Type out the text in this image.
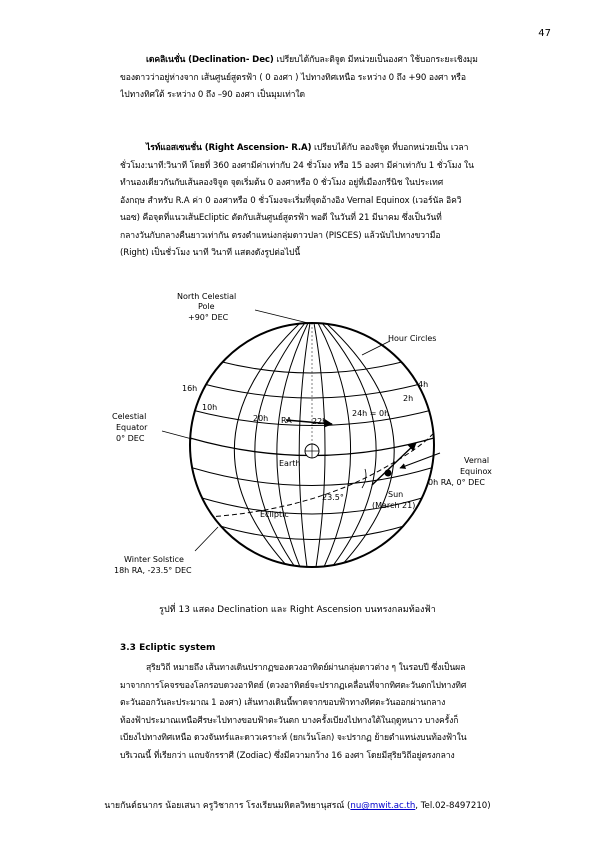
47
เดคลิเนชั่น (Declination- Dec) เปรียบได้กับละติจูด มีหน่วยเป็นองศา ใช้บอกระยะเชิงมุม
ของดาวว่าอยู่ห่างจาก เส้นศูนย์สูตรฟ้า ( 0 องศา ) ไปทางทิศเหนือ ระหว่าง 0 ถึง +90 องศา หรือ
ไปทางทิศใต้ ระหว่าง 0 ถึง –90 องศา เป็นมุมเท่าใด
ไรท์แอสเซนชั่น (Right Ascension- R.A) เปรียบได้กับ ลองจิจูด ที่บอกหน่วยเป็น เวลา
ชั่วโมง:นาที:วินาที โดยที่ 360 องศามีค่าเท่ากับ 24 ชั่วโมง หรือ 15 องศา มีค่าเท่ากับ 1 ชั่วโมง ใน
ทำนองเดียวกันกับเส้นลองจิจูด จุดเริ่มต้น 0 องศาหรือ 0 ชั่วโมง อยู่ที่เมืองกรีนิช ในประเทศ
อังกฤษ สำหรับ R.A ค่า 0 องศาหรือ 0 ชั่วโมงจะเริ่มที่จุดอ้างอิง Vernal Equinox (เวอร์นัล อิควิ
นอซ) คือจุดที่แนวเส้นEcliptic ตัดกับเส้นศูนย์สูตรฟ้า พอดี ในวันที่ 21 มีนาคม ซึ่งเป็นวันที่
กลางวันกับกลางคืนยาวเท่ากัน ตรงตำแหน่งกลุ่มดาวปลา (PISCES) แล้วนับไปทางขวามือ
(Right) เป็นชั่วโมง นาที วินาที แสดงดังรูปต่อไปนี้
North Celestial
Pole
+90° DEC
Hour Circles
16h
10h
20h RA	22h
24h = 0h
2h
4h
Celestial
Equator
0° DEC
Earth	Vernal
Equinox
0h RA, 0° DEC
23.5°	Sun
(March 21)
Ecliptic
Winter Solstice
18h RA, -23.5° DEC
รูปที่ 13 แสดง Declination และ Right Ascension บนทรงกลมท้องฟ้า
3.3 Ecliptic system
สุริยวิถี หมายถึง เส้นทางเดินปรากฏของดวงอาทิตย์ผ่านกลุ่มดาวต่าง ๆ ในรอบปี ซึ่งเป็นผล
มาจากการโคจรของโลกรอบดวงอาทิตย์ (ดวงอาทิตย์จะปรากฏเคลื่อนที่จากทิศตะวันตกไปทางทิศ
ตะวันออกวันละประมาณ 1 องศา) เส้นทางเดินนี้พาดจากขอบฟ้าทางทิศตะวันออกผ่านกลาง
ท้องฟ้าประมาณเหนือศีรษะไปทางขอบฟ้าตะวันตก บางครั้งเบียงไปทางใต้ในฤดูหนาว บางครั้งก็
เบียงไปทางทิศเหนือ ดวงจันทร์และดาวเคราะห์ (ยกเว้นโลก) จะปรากฏ ย้ายตำแหน่งบนท้องฟ้าใน
บริเวณนี้ ที่เรียกว่า แถบจักรราศี (Zodiac) ซึ่งมีความกว้าง 16 องศา โดยมีสุริยวิถีอยู่ตรงกลาง
นายกันต์ธนากร น้อยเสนา ครูวิชาการ โรงเรียนมหิดลวิทยานุสรณ์ (nu@mwit.ac.th, Tel.02-8497210)
